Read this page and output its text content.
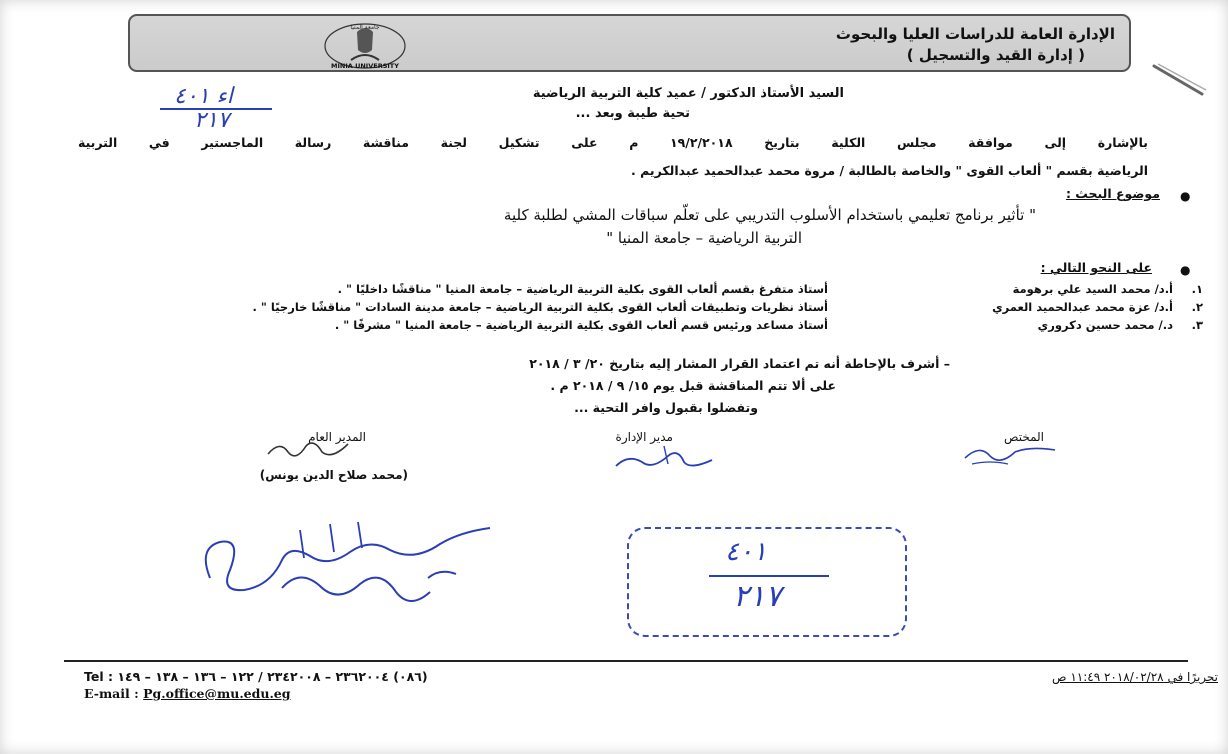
الإدارة العامة للدراسات العليا والبحوث
( إدارة القيد والتسجيل )
جامعة المنيا
MINIA UNIVERSITY
اء ٤٠١
٢١٧
السيد الأستاذ الدكتور / عميد كلية التربية الرياضية
تحية طيبة وبعد ...
بالإشارة إلى موافقة مجلس الكلية بتاريخ ١٩/٢/٢٠١٨ م على تشكيل لجنة مناقشة رسالة الماجستير في التربية
الرياضية بقسم " ألعاب القوى " والخاصة بالطالبة / مروة محمد عبدالحميد عبدالكريم .
●
موضوع البحث :
" تأثير برنامج تعليمي باستخدام الأسلوب التدريبي على تعلّم سباقات المشي لطلبة كلية
التربية الرياضية – جامعة المنيا "
●
على النحو التالي :
١.
أ.د/ محمد السيد علي برهومة
أستاذ متفرغ بقسم ألعاب القوى بكلية التربية الرياضية – جامعة المنيا " مناقشًا داخليًا " .
٢.
أ.د/ عزة محمد عبدالحميد العمري
أستاذ نظريات وتطبيقات ألعاب القوى بكلية التربية الرياضية – جامعة مدينة السادات " مناقشًا خارجيًا " .
٣.
د./ محمد حسين دكروري
أستاذ مساعد ورئيس قسم ألعاب القوى بكلية التربية الرياضية – جامعة المنيا " مشرفًا " .
– أشرف بالإحاطة أنه تم اعتماد القرار المشار إليه بتاريخ ٢٠/ ٣ / ٢٠١٨
على ألا تتم المناقشة قبل يوم ١٥/ ٩ / ٢٠١٨ م .
وتفضلوا بقبول وافر التحية ...
المختص
مدير الإدارة
المدير العام
(محمد صلاح الدين يونس)
٤٠١
٢١٧
Tel : (٠٨٦) ٢٣٦٢٠٠٤ – ٢٣٤٢٠٠٨ / ١٢٢ – ١٣٦ – ١٣٨ – ١٤٩
E-mail : Pg.office@mu.edu.eg
تحريرًا في ٢٠١٨/٠٢/٢٨ ١١:٤٩ ص
